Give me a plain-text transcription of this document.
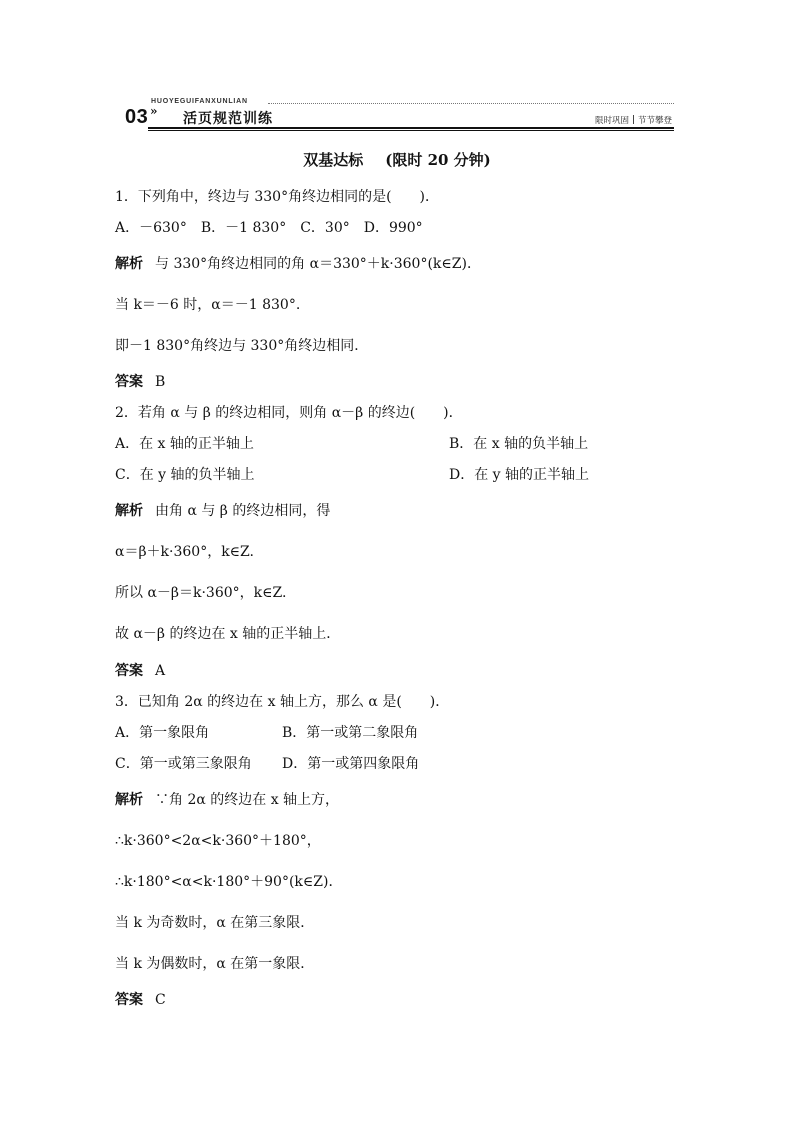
HUOYEGUIFANXUNLIAN
03 » 活页规范训练	限时巩固 节节攀登
双基达标 (限时 20 分钟)
1．下列角中，终边与 330°角终边相同的是(　　)．
A．－630°　B．－1 830°　C．30°　D．990°
解析 与 330°角终边相同的角 α＝330°＋k·360°(k∈Z)．
当 k＝－6 时，α＝－1 830°.
即－1 830°角终边与 330°角终边相同．
答案 B
2．若角 α 与 β 的终边相同，则角 α－β 的终边(　　)．
A．在 x 轴的正半轴上	B．在 x 轴的负半轴上
C．在 y 轴的负半轴上	D．在 y 轴的正半轴上
解析 由角 α 与 β 的终边相同，得
α＝β＋k·360°，k∈Z.
所以 α－β＝k·360°，k∈Z.
故 α－β 的终边在 x 轴的正半轴上．
答案 A
3．已知角 2α 的终边在 x 轴上方，那么 α 是(　　)．
A．第一象限角	B．第一或第二象限角
C．第一或第三象限角 D．第一或第四象限角
解析 ∵角 2α 的终边在 x 轴上方，
∴k·360°<2α<k·360°＋180°，
∴k·180°<α<k·180°＋90°(k∈Z)．
当 k 为奇数时，α 在第三象限．
当 k 为偶数时，α 在第一象限．
答案 C
